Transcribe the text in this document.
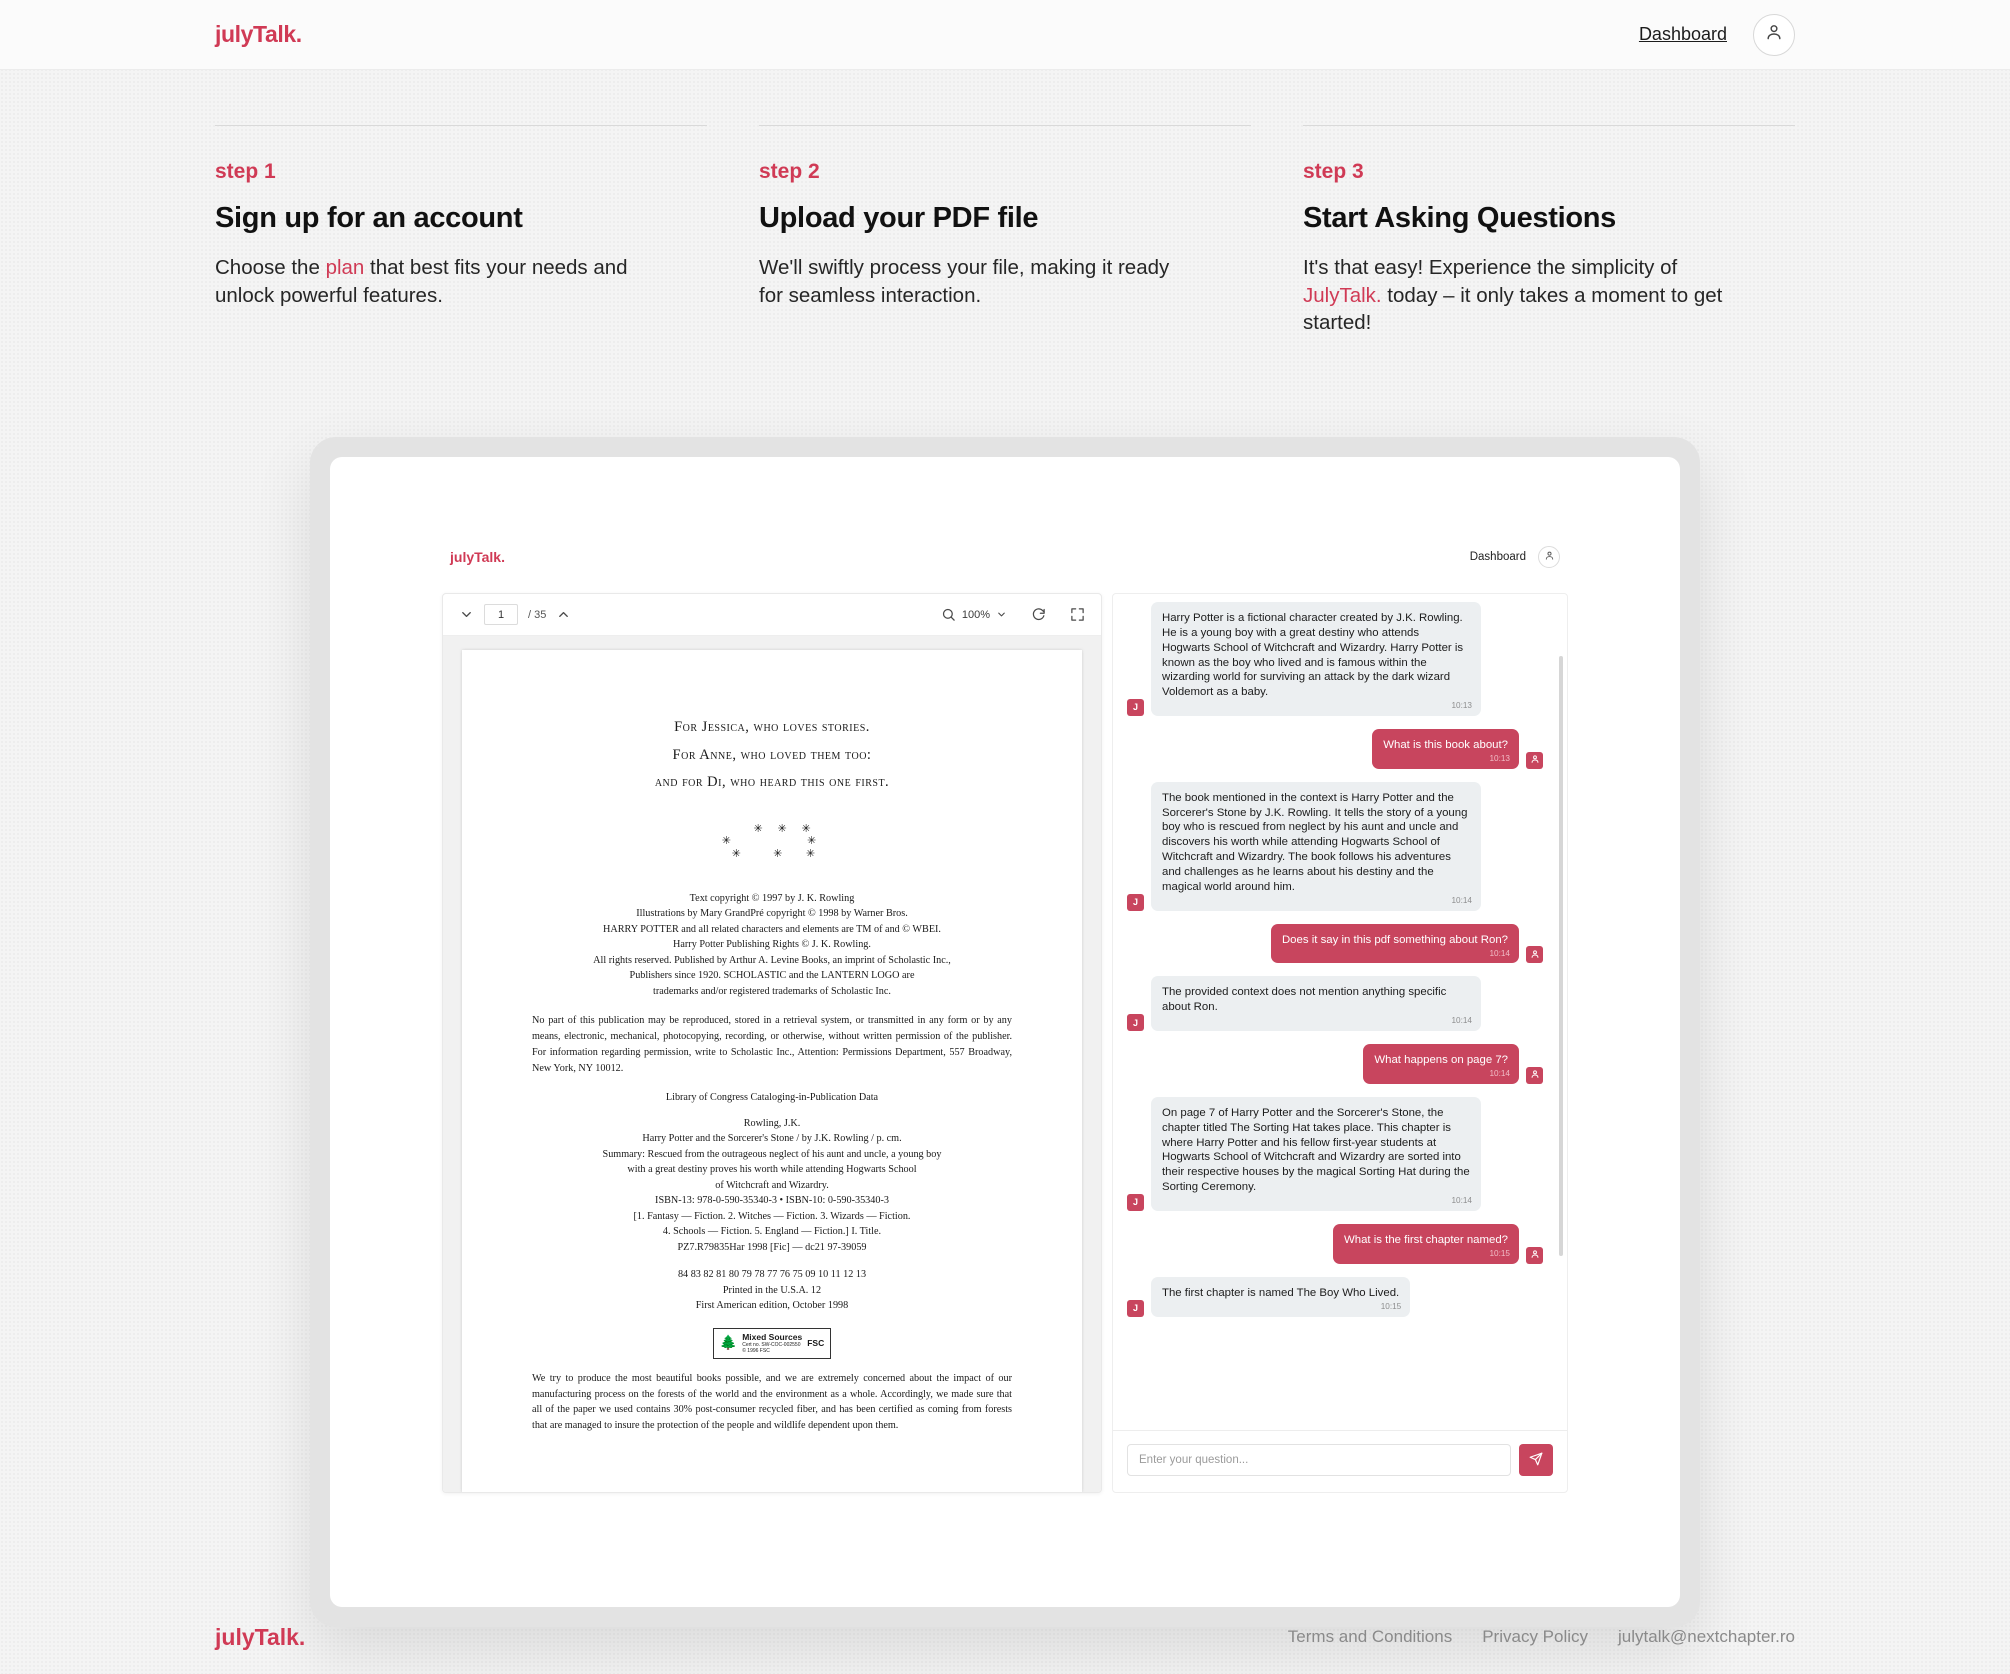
julyTalk.	Dashboard
step 1
Sign up for an account
Choose the plan that best fits your needs and unlock powerful features.
step 2
Upload your PDF file
We'll swiftly process your file, making it ready for seamless interaction.
step 3
Start Asking Questions
It's that easy! Experience the simplicity of JulyTalk. today – it only takes a moment to get started!
julyTalk.	Dashboard
1
/ 35	100%
For Jessica, who loves stories.
For Anne, who loved them too:
and for Di, who heard this one first.
✳ ✳ ✳
✳        ✳
✳   ✳  ✳
Text copyright © 1997 by J. K. Rowling
Illustrations by Mary GrandPré copyright © 1998 by Warner Bros.
HARRY POTTER and all related characters and elements are TM of and © WBEI.
Harry Potter Publishing Rights © J. K. Rowling.
All rights reserved. Published by Arthur A. Levine Books, an imprint of Scholastic Inc.,
Publishers since 1920. SCHOLASTIC and the LANTERN LOGO are
trademarks and/or registered trademarks of Scholastic Inc.
No part of this publication may be reproduced, stored in a retrieval system, or transmitted in any form or by any means, electronic, mechanical, photocopying, recording, or otherwise, without written permission of the publisher. For information regarding permission, write to Scholastic Inc., Attention: Permissions Department, 557 Broadway, New York, NY 10012.
Library of Congress Cataloging-in-Publication Data
Rowling, J.K.
Harry Potter and the Sorcerer's Stone / by J.K. Rowling / p. cm.
Summary: Rescued from the outrageous neglect of his aunt and uncle, a young boy
with a great destiny proves his worth while attending Hogwarts School
of Witchcraft and Wizardry.
ISBN-13: 978-0-590-35340-3 • ISBN-10: 0-590-35340-3
[1. Fantasy — Fiction. 2. Witches — Fiction. 3. Wizards — Fiction.
4. Schools — Fiction. 5. England — Fiction.] I. Title.
PZ7.R79835Har 1998 [Fic] — dc21 97-39059
84 83 82 81 80 79 78 77 76 75 09 10 11 12 13
Printed in the U.S.A. 12
First American edition, October 1998
🌲 Mixed Sources
Cert no. SW-COC-002550
© 1996 FSC
FSC
We try to produce the most beautiful books possible, and we are extremely concerned about the impact of our manufacturing process on the forests of the world and the environment as a whole. Accordingly, we made sure that all of the paper we used contains 30% post-consumer recycled fiber, and has been certified as coming from forests that are managed to insure the protection of the people and wildlife dependent upon them.
J
Harry Potter is a fictional character created by J.K. Rowling. He is a young boy with a great destiny who attends Hogwarts School of Witchcraft and Wizardry. Harry Potter is known as the boy who lived and is famous within the wizarding world for surviving an attack by the dark wizard Voldemort as a baby.
10:13
What is this book about?
10:13
J
The book mentioned in the context is Harry Potter and the Sorcerer's Stone by J.K. Rowling. It tells the story of a young boy who is rescued from neglect by his aunt and uncle and discovers his worth while attending Hogwarts School of Witchcraft and Wizardry. The book follows his adventures and challenges as he learns about his destiny and the magical world around him.
10:14
Does it say in this pdf something about Ron?
10:14
J
The provided context does not mention anything specific about Ron.
10:14
What happens on page 7?
10:14
J
On page 7 of Harry Potter and the Sorcerer's Stone, the chapter titled The Sorting Hat takes place. This chapter is where Harry Potter and his fellow first-year students at Hogwarts School of Witchcraft and Wizardry are sorted into their respective houses by the magical Sorting Hat during the Sorting Ceremony.
10:14
What is the first chapter named?
10:15
J
The first chapter is named The Boy Who Lived.
10:15
Enter your question...
julyTalk.	Terms and Conditions Privacy Policy julytalk@nextchapter.ro
